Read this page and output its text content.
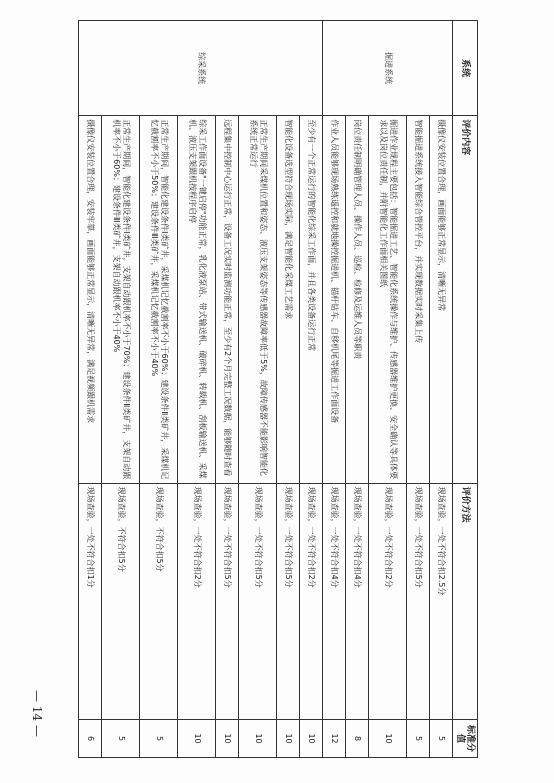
系统	评价内容	评价方法	标准分值
掘进系统	摄像仪安装位置合理，画面能够正常显示，清晰无异常	现场查验，一处不符合扣2.5分	5
	智能掘进系统接入智能综合管控平台，并实现数据实时采集上传	现场查验，一处不符合扣5分	5
	掘进作业规程主要包括：智能掘进工艺、智能化系统操作与维护、传感器维护更换、安全确认等具体要求以及岗位责任制，并附智能化工作面相关图纸	现场查验，一处不符合扣2分	10
	岗位责任制明确管理人员、操作人员、巡检、检修及运维人员等职责	现场查验，一处不符合扣4分	8
	作业人员能够现场熟练遥控和就地操控掘进机、锚杆钻车、自移机尾等掘进工作面设备	现场查验，一处不符合扣4分	12
综采系统	至少有一个正常运行的智能化综采工作面，并且各类设备运行正常	现场查验，一处不符合扣2分	10
	智能化设备选型符合现场实际，满足智能化采煤工艺需求	现场查验，一处不符合扣5分	10
	正常生产期间采煤机位置和姿态、液压支架姿态等传感器故障率低于5%，故障传感器不能影响智能化系统正常运行	现场查验，一处不符合扣5分	10
	远程集中控制中心运行正常，设备工况实时监测功能正常，至少有2个月完整工况数据，能够随时查看	现场查验，一处不符合扣5分	10
	综采工作面设备"一键启停"功能正常，乳化液泵站、带式输送机、破碎机、转载机、刮板输送机、采煤机、液压支架跟机按程序启停	现场查验，一处不符合扣2分	10
	正常生产期间，智能化建设条件Ⅰ类矿井，采煤机记忆截割率不小于60%；建设条件Ⅱ类矿井，采煤机记忆截割率不小于50%；建设条件Ⅲ类矿井，采煤机记忆截割率不小于40%	现场查验，不符合扣5分	5
	正常生产期间，智能化建设条件Ⅰ类矿井，支架自动跟机率不小于70%；建设条件Ⅱ类矿井，支架自动跟机率不小于60%；建设条件Ⅲ类矿井，支架自动跟机率不小于40%	现场查验，不符合扣5分	5
	摄像仪安装位置合理，安装牢靠，画面能够正常显示，清晰无异常，满足视频跟机需求	现场查验，一处不符合扣1分	6
— 14 —
